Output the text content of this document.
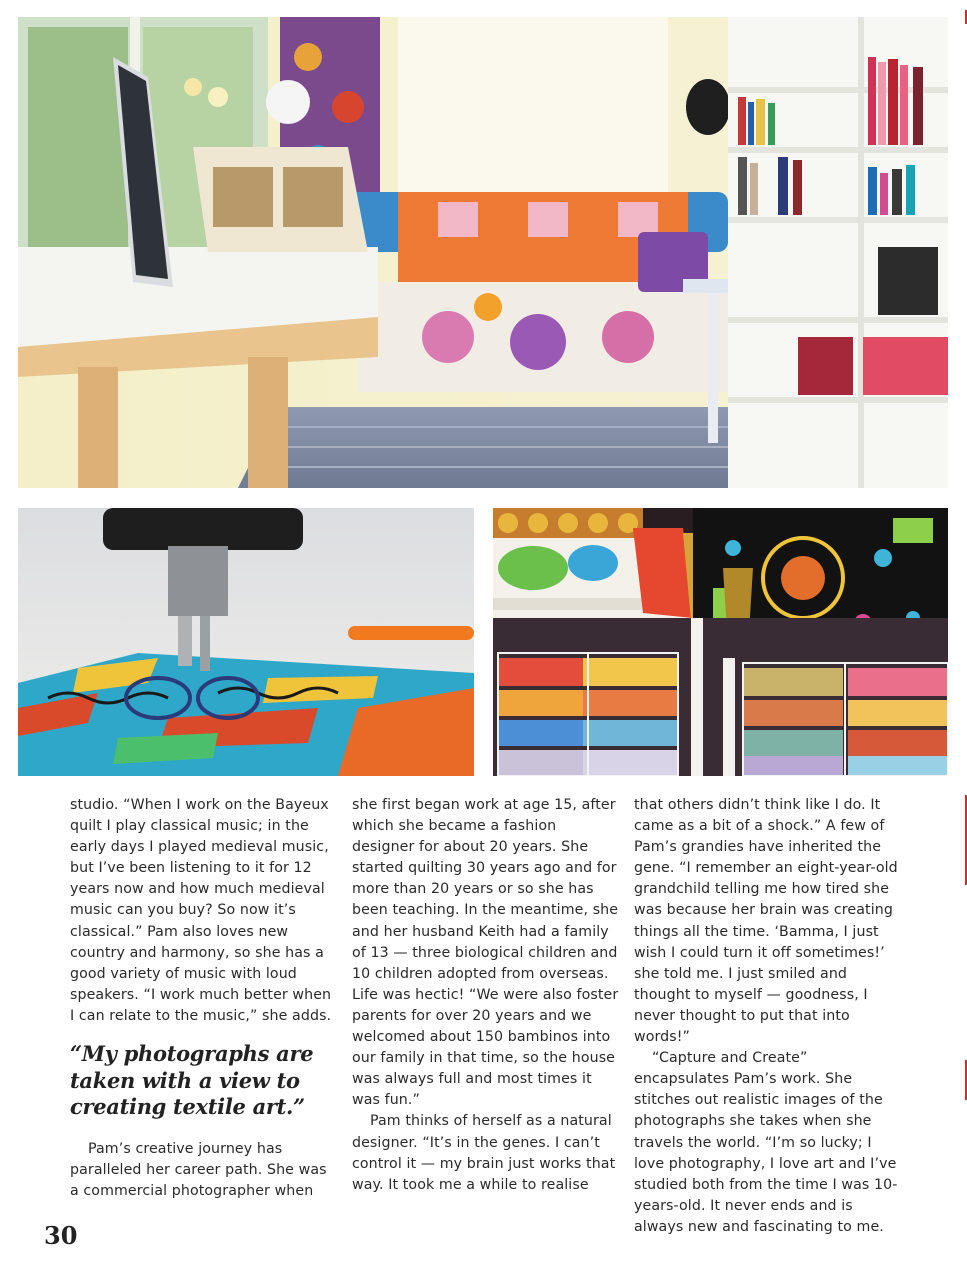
studio. “When I work on the Bayeux quilt I play classical music; in the early days I played medieval music, but I’ve been listening to it for 12 years now and how much medieval music can you buy? So now it’s classical.” Pam also loves new country and harmony, so she has a good variety of music with loud speakers. “I work much better when I can relate to the music,” she adds.

“My photographs are taken with a view to creating textile art.”

Pam’s creative journey has paralleled her career path. She was a commercial photographer when

she first began work at age 15, after which she became a fashion designer for about 20 years. She started quilting 30 years ago and for more than 20 years or so she has been teaching. In the meantime, she and her husband Keith had a family of 13 — three biological children and 10 children adopted from overseas. Life was hectic! “We were also foster parents for over 20 years and we welcomed about 150 bambinos into our family in that time, so the house was always full and most times it was fun.”

Pam thinks of herself as a natural designer. “It’s in the genes. I can’t control it — my brain just works that way. It took me a while to realise

that others didn’t think like I do. It came as a bit of a shock.” A few of Pam’s grandies have inherited the gene. “I remember an eight-year-old grandchild telling me how tired she was because her brain was creating things all the time. ‘Bamma, I just wish I could turn it off sometimes!’ she told me. I just smiled and thought to myself — goodness, I never thought to put that into words!”

“Capture and Create” encapsulates Pam’s work. She stitches out realistic images of the photographs she takes when she travels the world. “I’m so lucky; I love photography, I love art and I’ve studied both from the time I was 10-years-old. It never ends and is always new and fascinating to me.

30
